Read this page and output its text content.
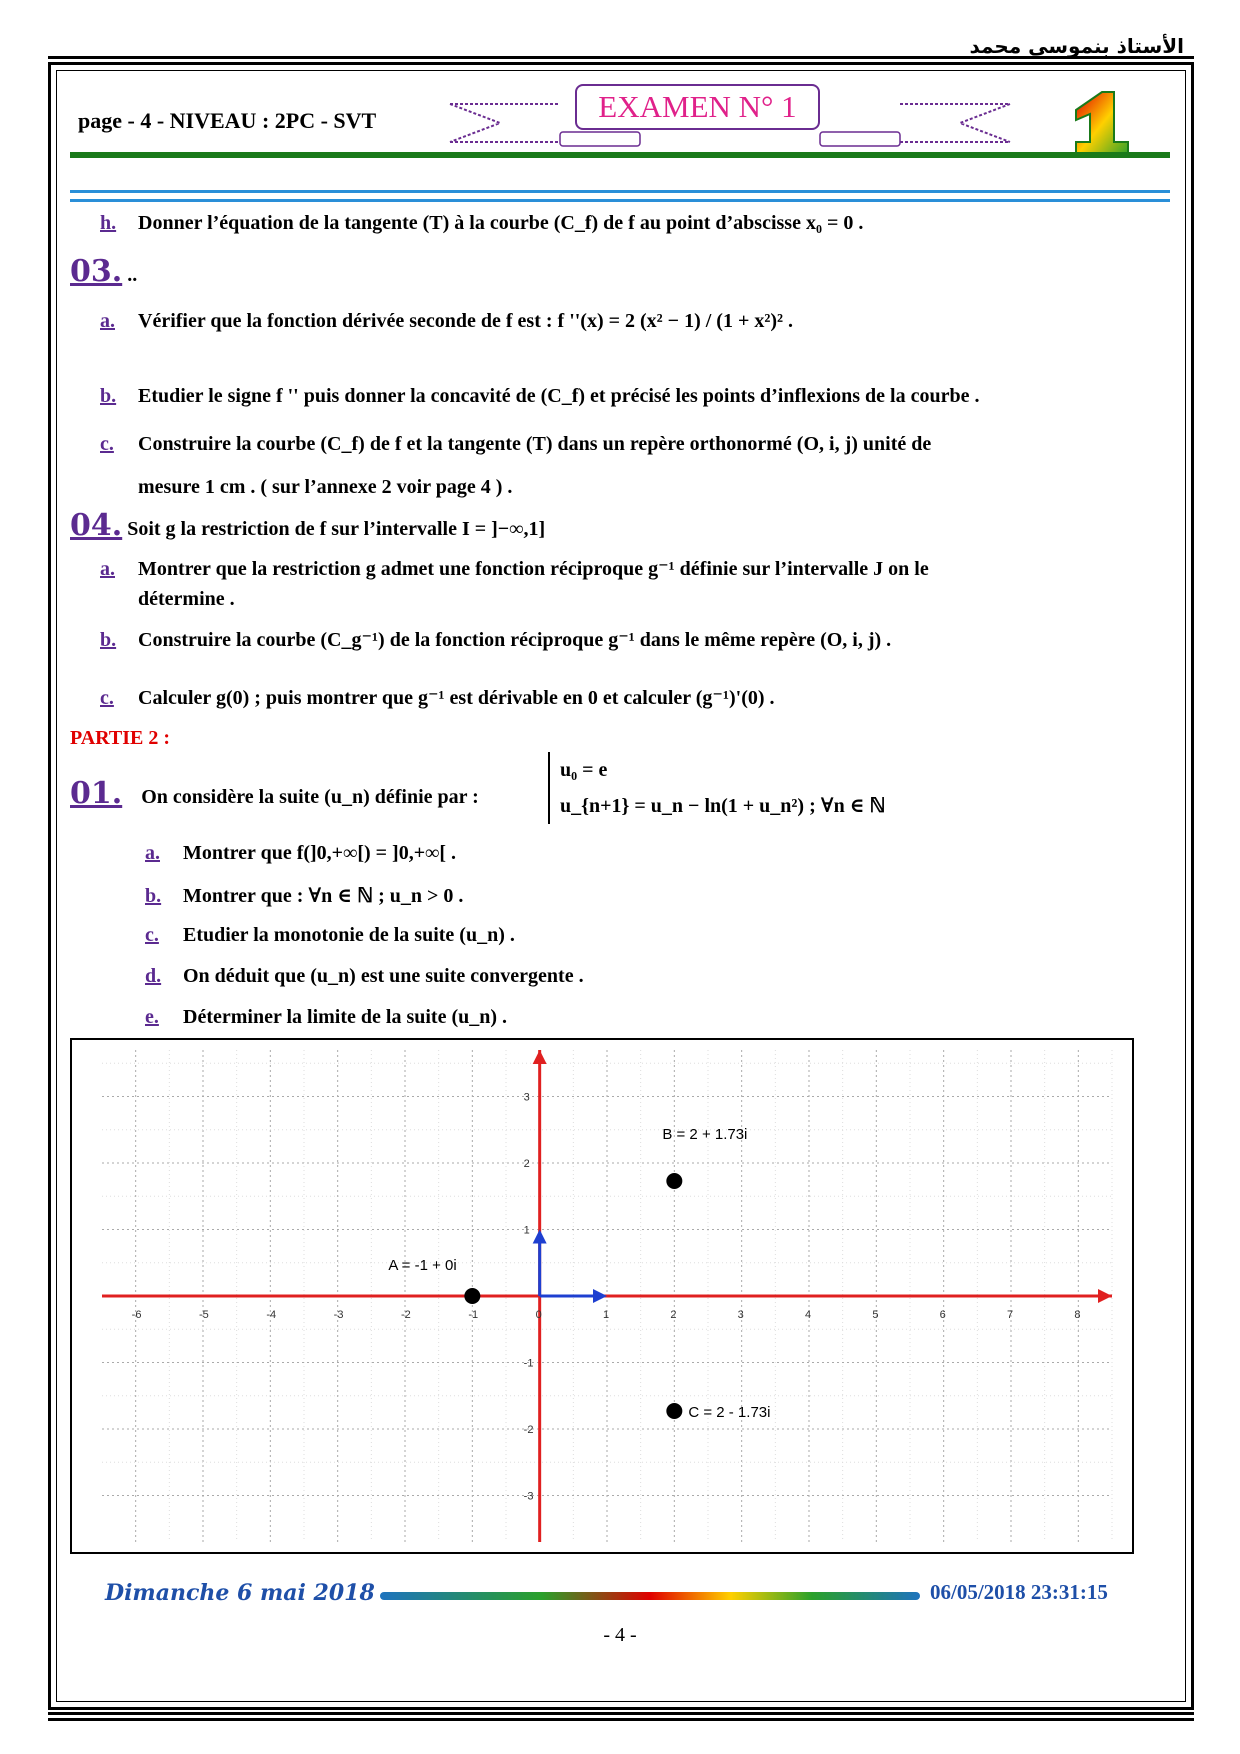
الأستاذ بنموسى محمد
page - 4 - NIVEAU : 2PC - SVT	EXAMEN N° 1
h. Donner l’équation de la tangente (T) à la courbe (C_f) de f au point d’abscisse x₀ = 0 .
03. ..
a. Vérifier que la fonction dérivée seconde de f est : f ''(x) = 2 (x² − 1) / (1 + x²)² .
b. Etudier le signe f '' puis donner la concavité de (C_f) et précisé les points d’inflexions de la courbe .
c. Construire la courbe (C_f) de f et la tangente (T) dans un repère orthonormé (O, i, j) unité de
mesure 1 cm . ( sur l’annexe 2 voir page 4 ) .
04. Soit g la restriction de f sur l’intervalle I = ]−∞,1]
a. Montrer que la restriction g admet une fonction réciproque g⁻¹ définie sur l’intervalle J on le
détermine .
b. Construire la courbe (C_g⁻¹) de la fonction réciproque g⁻¹ dans le même repère (O, i, j) .
c. Calculer g(0) ; puis montrer que g⁻¹ est dérivable en 0 et calculer (g⁻¹)'(0) .
PARTIE 2 :
01. On considère la suite (u_n) définie par :
u₀ = e
u_{n+1} = u_n − ln(1 + u_n²) ; ∀n ∈ ℕ
a. Montrer que f(]0,+∞[) = ]0,+∞[ .
b. Montrer que : ∀n ∈ ℕ ; u_n > 0 .
c. Etudier la monotonie de la suite (u_n) .
d. On déduit que (u_n) est une suite convergente .
e. Déterminer la limite de la suite (u_n) .
-6	-5	-4	-3	-2	-1	0	1	2	3	4	5	6	7	8
-3
-2
-1
1
2
3
A = -1 + 0i
B = 2 + 1.73i
C = 2 - 1.73i
Dimanche 6 mai 2018	06/05/2018 23:31:15
- 4 -
